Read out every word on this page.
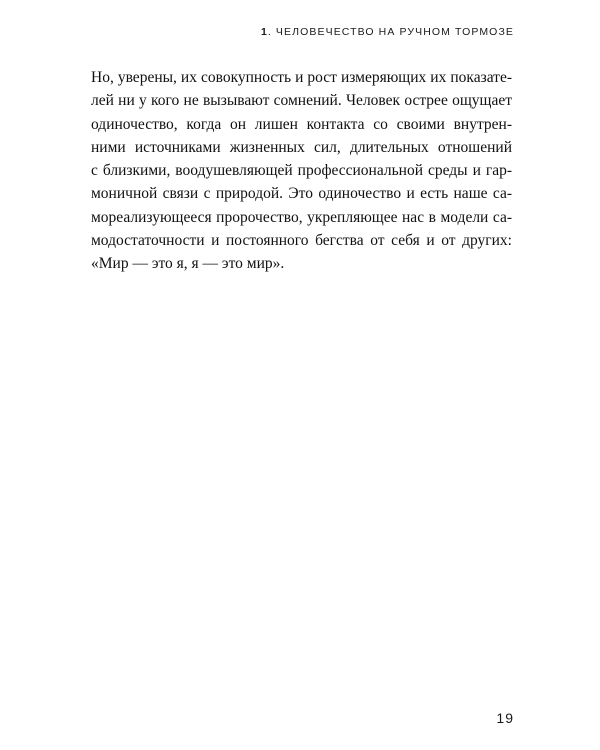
1. ЧЕЛОВЕЧЕСТВО НА РУЧНОМ ТОРМОЗЕ
Но, уверены, их совокупность и рост измеряющих их показате-
лей ни у кого не вызывают сомнений. Человек острее ощущает
одиночество, когда он лишен контакта со своими внутрен-
ними источниками жизненных сил, длительных отношений
с близкими, воодушевляющей профессиональной среды и гар-
моничной связи с природой. Это одиночество и есть наше са-
мореализующееся пророчество, укрепляющее нас в модели са-
модостаточности и постоянного бегства от себя и от других:
«Мир — это я, я — это мир».
19
